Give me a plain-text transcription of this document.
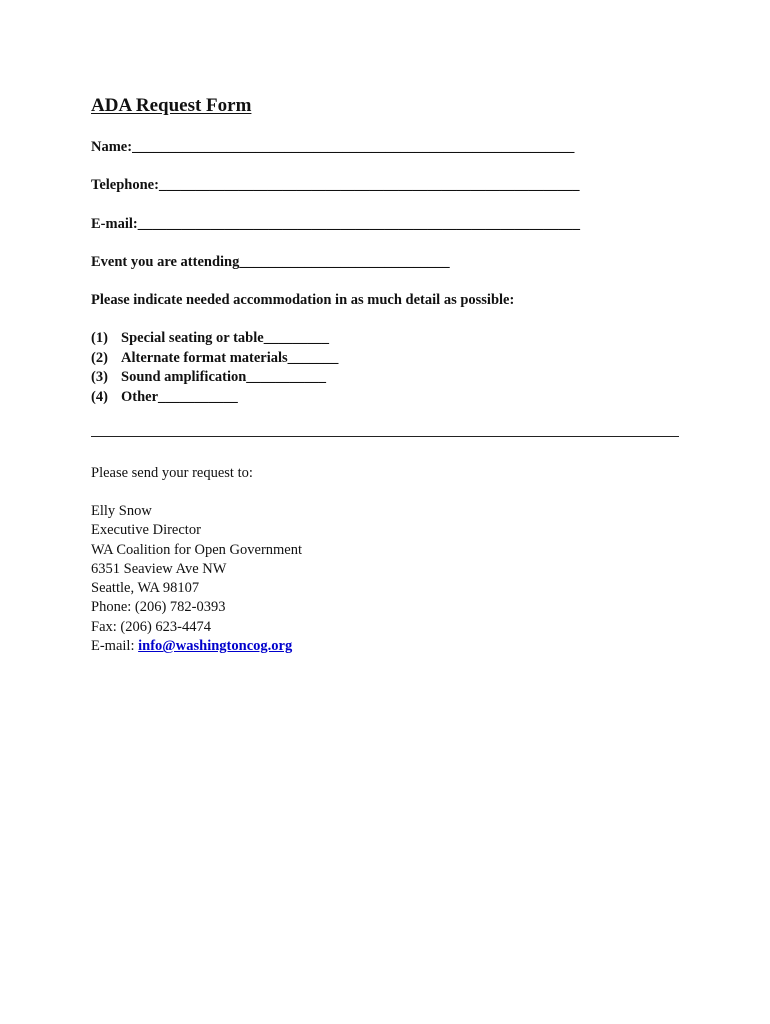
ADA Request Form
Name:_____________________________________________________________
Telephone:__________________________________________________________
E-mail:_____________________________________________________________
Event you are attending_____________________________
Please indicate needed accommodation in as much detail as possible:
(1) Special seating or table_________
(2) Alternate format materials_______
(3) Sound amplification___________
(4) Other___________
Please send your request to:
Elly Snow
Executive Director
WA Coalition for Open Government
6351 Seaview Ave NW
Seattle, WA 98107
Phone: (206) 782-0393
Fax: (206) 623-4474
E-mail: info@washingtoncog.org
